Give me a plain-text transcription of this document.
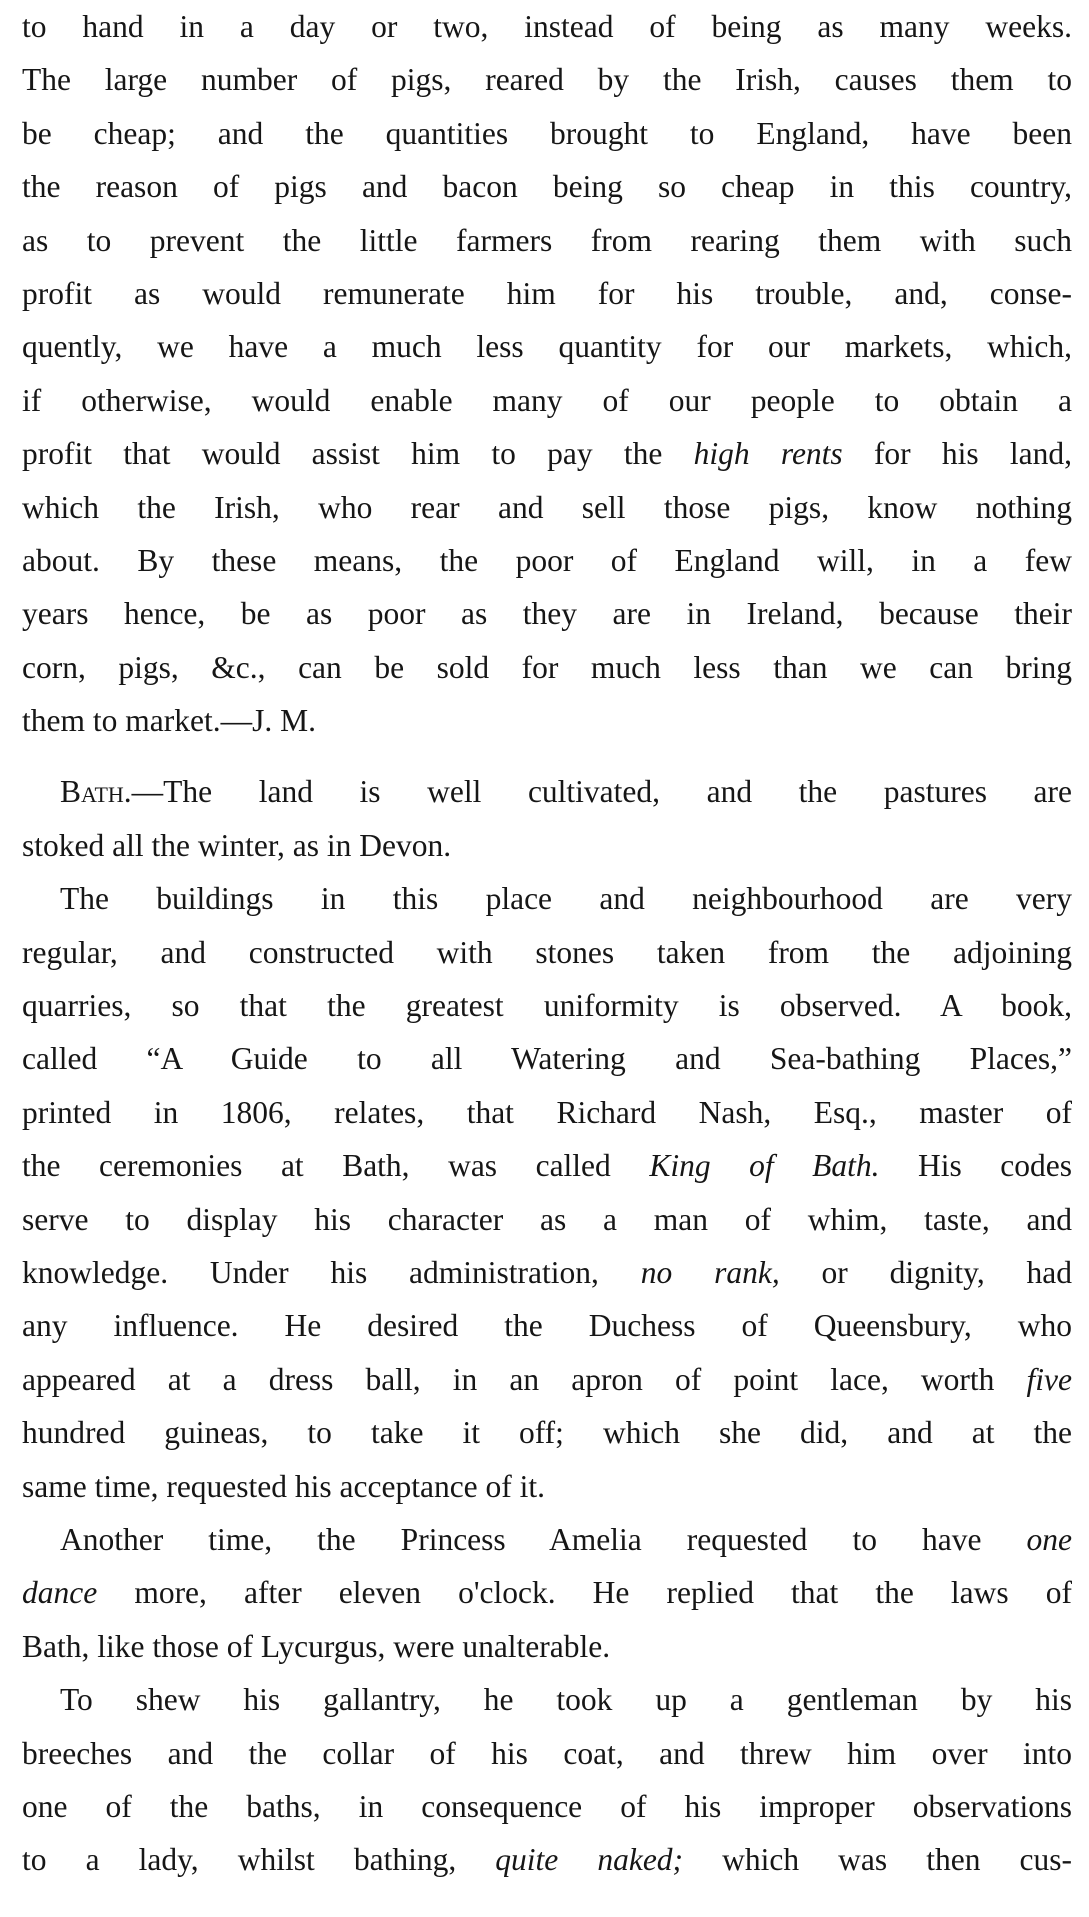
to hand in a day or two, instead of being as many weeks.
The large number of pigs, reared by the Irish, causes them to
be cheap; and the quantities brought to England, have been
the reason of pigs and bacon being so cheap in this country,
as to prevent the little farmers from rearing them with such
profit as would remunerate him for his trouble, and, conse-
quently, we have a much less quantity for our markets, which,
if otherwise, would enable many of our people to obtain a
profit that would assist him to pay the high rents for his land,
which the Irish, who rear and sell those pigs, know nothing
about. By these means, the poor of England will, in a few
years hence, be as poor as they are in Ireland, because their
corn, pigs, &c., can be sold for much less than we can bring
them to market.—J. M.
Bath.—The land is well cultivated, and the pastures are
stoked all the winter, as in Devon.
The buildings in this place and neighbourhood are very
regular, and constructed with stones taken from the adjoining
quarries, so that the greatest uniformity is observed. A book,
called “A Guide to all Watering and Sea-bathing Places,”
printed in 1806, relates, that Richard Nash, Esq., master of
the ceremonies at Bath, was called King of Bath. His codes
serve to display his character as a man of whim, taste, and
knowledge. Under his administration, no rank, or dignity, had
any influence. He desired the Duchess of Queensbury, who
appeared at a dress ball, in an apron of point lace, worth five
hundred guineas, to take it off; which she did, and at the
same time, requested his acceptance of it.
Another time, the Princess Amelia requested to have one
dance more, after eleven o'clock. He replied that the laws of
Bath, like those of Lycurgus, were unalterable.
To shew his gallantry, he took up a gentleman by his
breeches and the collar of his coat, and threw him over into
one of the baths, in consequence of his improper observations
to a lady, whilst bathing, quite naked; which was then cus-
